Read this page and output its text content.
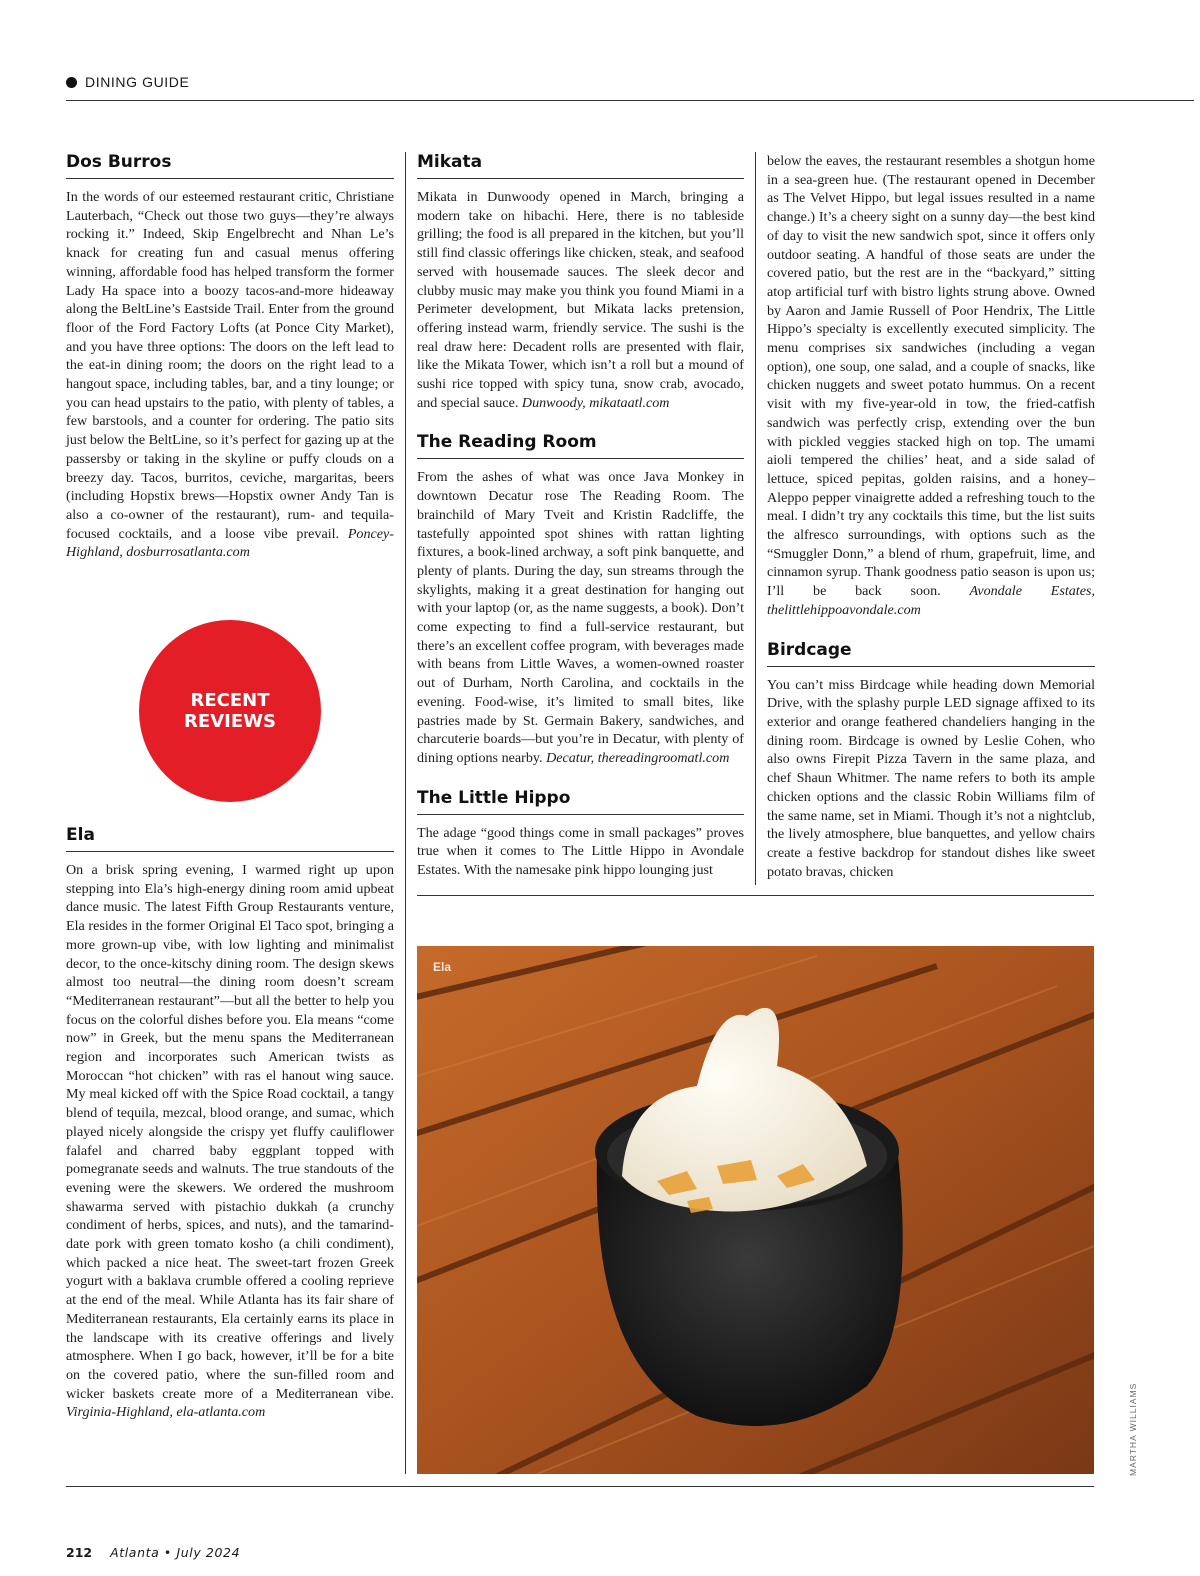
DINING GUIDE
Dos Burros

In the words of our esteemed restaurant critic, Christiane Lauterbach, “Check out those two guys—they’re always rocking it.” Indeed, Skip Engelbrecht and Nhan Le’s knack for creating fun and casual menus offering winning, affordable food has helped transform the former Lady Ha space into a boozy tacos-and-more hideaway along the BeltLine’s Eastside Trail. Enter from the ground floor of the Ford Factory Lofts (at Ponce City Market), and you have three options: The doors on the left lead to the eat-in dining room; the doors on the right lead to a hangout space, including tables, bar, and a tiny lounge; or you can head upstairs to the patio, with plenty of tables, a few barstools, and a counter for ordering. The patio sits just below the BeltLine, so it’s perfect for gazing up at the passersby or taking in the skyline or puffy clouds on a breezy day. Tacos, burritos, ceviche, margaritas, beers (including Hopstix brews—Hopstix owner Andy Tan is also a co-owner of the restaurant), rum- and tequila-focused cocktails, and a loose vibe prevail. Poncey-Highland, dosburrosatlanta.com

RECENT
REVIEWS
Ela

On a brisk spring evening, I warmed right up upon stepping into Ela’s high-energy dining room amid upbeat dance music. The latest Fifth Group Restaurants venture, Ela resides in the former Original El Taco spot, bringing a more grown-up vibe, with low lighting and minimalist decor, to the once-kitschy dining room. The design skews almost too neutral—the dining room doesn’t scream “Mediterranean restaurant”—but all the better to help you focus on the colorful dishes before you. Ela means “come now” in Greek, but the menu spans the Mediterranean region and incorporates such American twists as Moroccan “hot chicken” with ras el hanout wing sauce. My meal kicked off with the Spice Road cocktail, a tangy blend of tequila, mezcal, blood orange, and sumac, which played nicely alongside the crispy yet fluffy cauliflower falafel and charred baby eggplant topped with pomegranate seeds and walnuts. The true standouts of the evening were the skewers. We ordered the mushroom shawarma served with pistachio dukkah (a crunchy condiment of herbs, spices, and nuts), and the tamarind-date pork with green tomato kosho (a chili condiment), which packed a nice heat. The sweet-tart frozen Greek yogurt with a baklava crumble offered a cooling reprieve at the end of the meal. While Atlanta has its fair share of Mediterranean restaurants, Ela certainly earns its place in the landscape with its creative offerings and lively atmosphere. When I go back, however, it’ll be for a bite on the covered patio, where the sun-filled room and wicker baskets create more of a Mediterranean vibe. Virginia-Highland, ela-atlanta.com

Mikata

Mikata in Dunwoody opened in March, bringing a modern take on hibachi. Here, there is no tableside grilling; the food is all prepared in the kitchen, but you’ll still find classic offerings like chicken, steak, and seafood served with housemade sauces. The sleek decor and clubby music may make you think you found Miami in a Perimeter development, but Mikata lacks pretension, offering instead warm, friendly service. The sushi is the real draw here: Decadent rolls are presented with flair, like the Mikata Tower, which isn’t a roll but a mound of sushi rice topped with spicy tuna, snow crab, avocado, and special sauce. Dunwoody, mikataatl.com

The Reading Room

From the ashes of what was once Java Monkey in downtown Decatur rose The Reading Room. The brainchild of Mary Tveit and Kristin Radcliffe, the tastefully appointed spot shines with rattan lighting fixtures, a book-lined archway, a soft pink banquette, and plenty of plants. During the day, sun streams through the skylights, making it a great destination for hanging out with your laptop (or, as the name suggests, a book). Don’t come expecting to find a full-service restaurant, but there’s an excellent coffee program, with beverages made with beans from Little Waves, a women-owned roaster out of Durham, North Carolina, and cocktails in the evening. Food-wise, it’s limited to small bites, like pastries made by St. Germain Bakery, sandwiches, and charcuterie boards—but you’re in Decatur, with plenty of dining options nearby. Decatur, thereadingroomatl.com

The Little Hippo

The adage “good things come in small packages” proves true when it comes to The Little Hippo in Avondale Estates. With the namesake pink hippo lounging just

below the eaves, the restaurant resembles a shotgun home in a sea-green hue. (The restaurant opened in December as The Velvet Hippo, but legal issues resulted in a name change.) It’s a cheery sight on a sunny day—the best kind of day to visit the new sandwich spot, since it offers only outdoor seating. A handful of those seats are under the covered patio, but the rest are in the “backyard,” sitting atop artificial turf with bistro lights strung above. Owned by Aaron and Jamie Russell of Poor Hendrix, The Little Hippo’s specialty is excellently executed simplicity. The menu comprises six sandwiches (including a vegan option), one soup, one salad, and a couple of snacks, like chicken nuggets and sweet potato hummus. On a recent visit with my five-year-old in tow, the fried-catfish sandwich was perfectly crisp, extending over the bun with pickled veggies stacked high on top. The umami aioli tempered the chilies’ heat, and a side salad of lettuce, spiced pepitas, golden raisins, and a honey–Aleppo pepper vinaigrette added a refreshing touch to the meal. I didn’t try any cocktails this time, but the list suits the alfresco surroundings, with options such as the “Smuggler Donn,” a blend of rhum, grapefruit, lime, and cinnamon syrup. Thank goodness patio season is upon us; I’ll be back soon. Avondale Estates, thelittlehippoavondale.com

Birdcage

You can’t miss Birdcage while heading down Memorial Drive, with the splashy purple LED signage affixed to its exterior and orange feathered chandeliers hanging in the dining room. Birdcage is owned by Leslie Cohen, who also owns Firepit Pizza Tavern in the same plaza, and chef Shaun Whitmer. The name refers to both its ample chicken options and the classic Robin Williams film of the same name, set in Miami. Though it’s not a nightclub, the lively atmosphere, blue banquettes, and yellow chairs create a festive backdrop for standout dishes like sweet potato bravas, chicken

Ela
MARTHA WILLIAMS
212 Atlanta • July 2024
